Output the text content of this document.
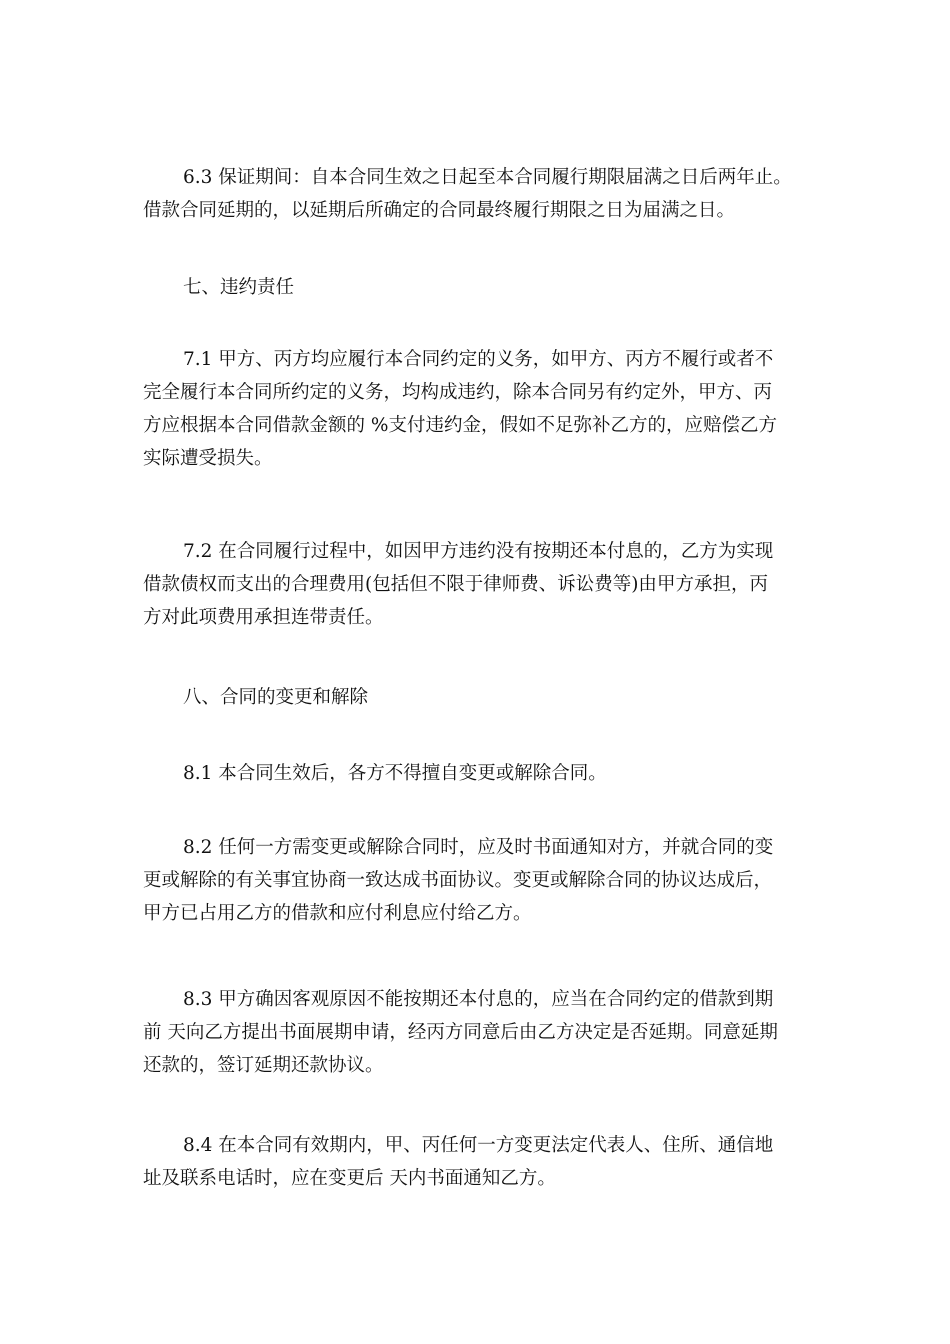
6.3 保证期间：自本合同生效之日起至本合同履行期限届满之日后两年止。
借款合同延期的，以延期后所确定的合同最终履行期限之日为届满之日。

七、违约责任

7.1 甲方、丙方均应履行本合同约定的义务，如甲方、丙方不履行或者不
完全履行本合同所约定的义务，均构成违约，除本合同另有约定外，甲方、丙
方应根据本合同借款金额的 %支付违约金，假如不足弥补乙方的，应赔偿乙方
实际遭受损失。

7.2 在合同履行过程中，如因甲方违约没有按期还本付息的，乙方为实现
借款债权而支出的合理费用(包括但不限于律师费、诉讼费等)由甲方承担，丙
方对此项费用承担连带责任。

八、合同的变更和解除

8.1 本合同生效后，各方不得擅自变更或解除合同。

8.2 任何一方需变更或解除合同时，应及时书面通知对方，并就合同的变
更或解除的有关事宜协商一致达成书面协议。变更或解除合同的协议达成后，
甲方已占用乙方的借款和应付利息应付给乙方。

8.3 甲方确因客观原因不能按期还本付息的，应当在合同约定的借款到期
前 天向乙方提出书面展期申请，经丙方同意后由乙方决定是否延期。同意延期
还款的，签订延期还款协议。

8.4 在本合同有效期内，甲、丙任何一方变更法定代表人、住所、通信地
址及联系电话时，应在变更后 天内书面通知乙方。
